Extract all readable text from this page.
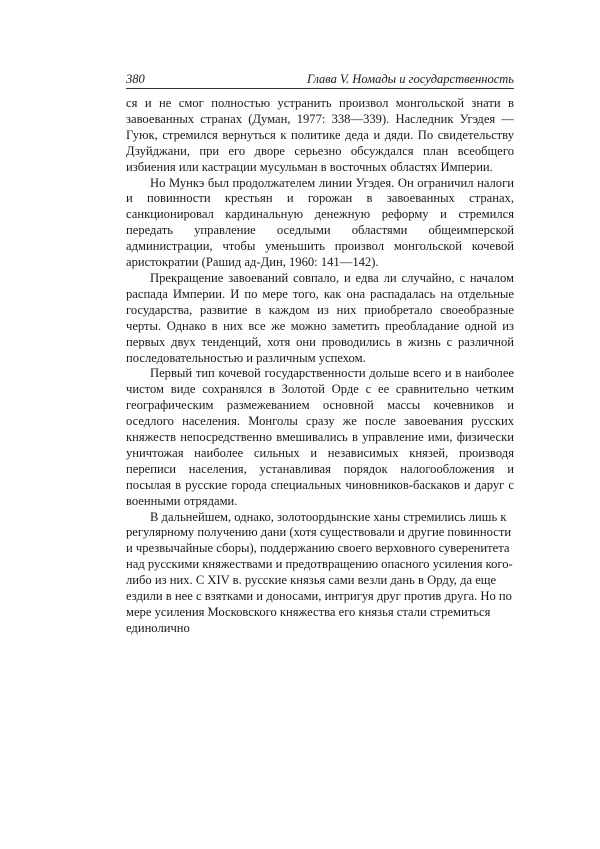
380	Глава V. Номады и государственность

ся и не смог полностью устранить произвол монгольской знати в завоеванных странах (Думан, 1977: 338—339). Наследник Угэдея — Гуюк, стремился вернуться к политике деда и дяди. По свидетельству Дзуйджани, при его дворе серьезно обсуждался план всеобщего избиения или кастрации мусульман в восточных областях Империи.

Но Мункэ был продолжателем линии Угэдея. Он ограничил налоги и повинности крестьян и горожан в завоеванных странах, санкционировал кардинальную денежную реформу и стремился передать управление оседлыми областями общеимперской администрации, чтобы уменьшить произвол монгольской кочевой аристократии (Рашид ад-Дин, 1960: 141—142).

Прекращение завоеваний совпало, и едва ли случайно, с началом распада Империи. И по мере того, как она распадалась на отдельные государства, развитие в каждом из них приобретало своеобразные черты. Однако в них все же можно заметить преобладание одной из первых двух тенденций, хотя они проводились в жизнь с различной последовательностью и различным успехом.

Первый тип кочевой государственности дольше всего и в наиболее чистом виде сохранялся в Золотой Орде с ее сравнительно четким географическим размежеванием основной массы кочевников и оседлого населения. Монголы сразу же после завоевания русских княжеств непосредственно вмешивались в управление ими, физически уничтожая наиболее сильных и независимых князей, производя переписи населения, устанавливая порядок налогообложения и посылая в русские города специальных чиновников-баскаков и даруг с военными отрядами.

В дальнейшем, однако, золотоордынские ханы стремились лишь к регулярному получению дани (хотя существовали и другие повинности и чрезвычайные сборы), поддержанию своего верховного суверенитета над русскими княжествами и предотвращению опасного усиления кого-либо из них. С XIV в. русские князья сами везли дань в Орду, да еще ездили в нее с взятками и доносами, интригуя друг против друга. Но по мере усиления Московского княжества его князья стали стремиться единолично
